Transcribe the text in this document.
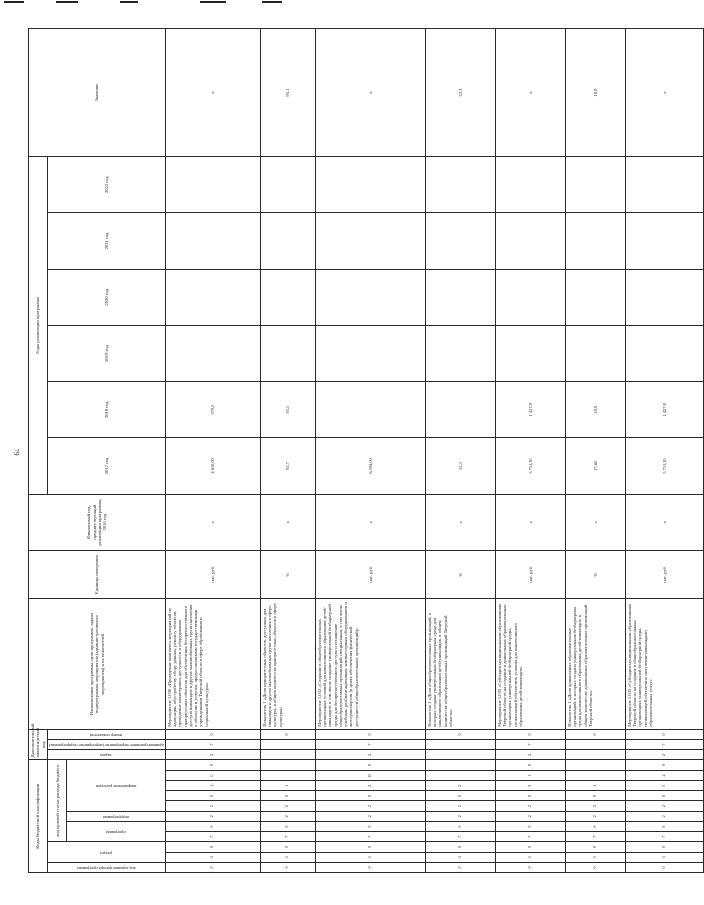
79
Коды бюджетной классификации											Дополнительный аналитический код			Наименование программы, цели программы, задачи подпрограммы, мероприятия (административного мероприятия) и их показателей	Единица измерения	Финансовый год, предшествующий реализации программы, 2016 год	Годы реализации программы						Значение

код администратора программы	раздел		код целевой статьи расхода бюджета								задача	административное мероприятие (мероприятие подпрограммы)	номер показателя				2017 год	2018 год	2019 год	2020 год	2021 год	2022 год	

			программа		подпрограмма	направление расходов																	

0	5	0	7	0	2	2	0	1	L	0	2	7	0	Мероприятие 1.030 «Проведение комплекса мероприятий по адаптации, обустройству, сбору данных, ремонту объектов, проведение мониторинга доступности и оборудования приоритетных объектов для обеспечения беспрепятственного доступа инвалидов и других маломобильных групп населения к объектам и услугам, предоставляемым государственными учреждениями Тверской области в сфере образования и социальной культуры»	тыс. руб.	х	4 610,00	379,5					х
0	5	0	7	0	2	2	0	1					0	Показатель 1 «Доля приоритетных объектов, доступных для инвалидов и других маломобильных групп населения в сфере культуры, в общем количестве приоритетных объектов в сфере культуры»	%	х	92,7	95,1					95,1
0	5	0	7	0	2	2	0	2	R	0	2	7	0	Мероприятие 1.032 «Создание в общеобразовательных организациях условий для инклюзивного образования детей-инвалидов, в том числе создание универсальной безбарьерной среды для беспрепятственного доступа и оснащение общеобразовательных организаций специальным, в том числе учебным, реабилитационным, компьютерным оборудованием и автотранспортом (в целях обеспечения физической доступности общеобразовательных организаций)»	тыс. руб.	х	6 594,00						х
0	5	0	7	0	2	2	0	2					0	Показатель 1 «Доля общеобразовательных организаций, в которых создана универсальная безбарьерная среда для инклюзивного образования детей-инвалидов, в общем количестве общеобразовательных организаций Тверской области»	%	х	22,3						22,3
0	5	0	7	0	2	2	0	3	1	0	2	7	0	Мероприятие 1.033 «Субсидии муниципальным образованиям Тверской области на создание в дошкольных образовательных организациях универсальной безбарьерной среды, позволяющей обеспечить условия для инклюзивного образования детей-инвалидов»	тыс. руб.	х	5 711,30	1 427,8					х
0	5	0	7	0	2	2	0	3					0	Показатель 1 «Доля дошкольных образовательных организаций, в которых создана универсальная безбарьерная среда для инклюзивного образования детей-инвалидов, в общем количестве дошкольных образовательных организаций Тверской области»	%	х	17,60	18,9					18,9
0	5	0	7	0	2	2	0	3	2	0	2	7	0	Мероприятие 1.035 «Субсидии муниципальным образованиям Тверской области на создание в общеобразовательных организациях универсальной безбарьерной среды, позволяющей обеспечить получение инвалидами образовательных услуг»	тыс. руб.	х	5 711,30	1 427,8					х
